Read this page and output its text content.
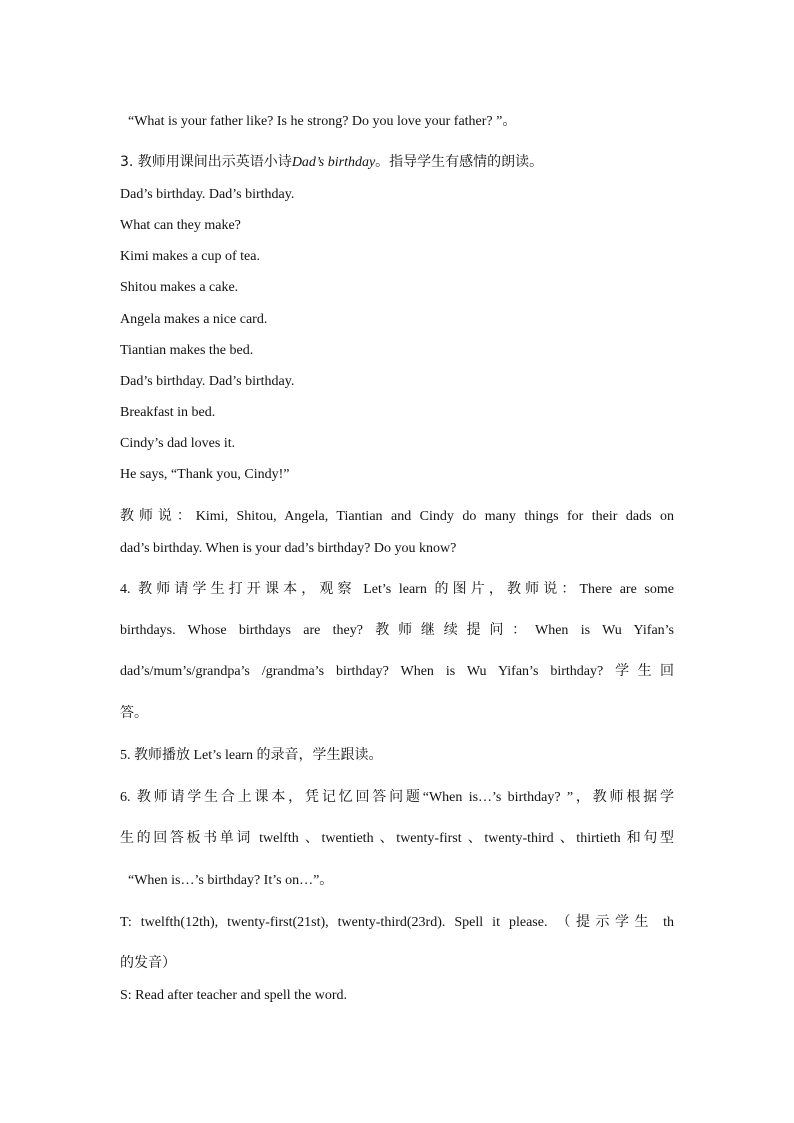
“What is your father like? Is he strong? Do you love your father? ”。
3. 教师用课间出示英语小诗Dad’s birthday。指导学生有感情的朗读。
Dad’s birthday. Dad’s birthday.
What can they make?
Kimi makes a cup of tea.
Shitou makes a cake.
Angela makes a nice card.
Tiantian makes the bed.
Dad’s birthday. Dad’s birthday.
Breakfast in bed.
Cindy’s dad loves it.
He says, “Thank you, Cindy!”
教师说：Kimi, Shitou, Angela, Tiantian and Cindy do many things for their dads on
dad’s birthday. When is your dad’s birthday? Do you know?
4. 教师请学生打开课本，观察 Let’s learn 的图片，教师说：There are some
birthdays. Whose birthdays are they? 教师继续提问：When is Wu Yifan’s
dad’s/mum’s/grandpa’s /grandma’s birthday? When is Wu Yifan’s birthday? 学生回
答。
5. 教师播放 Let’s learn 的录音，学生跟读。
6. 教师请学生合上课本，凭记忆回答问题“When is…’s birthday? ”，教师根据学
生的回答板书单词 twelfth 、twentieth 、twenty-first 、twenty-third 、thirtieth 和句型
“When is…’s birthday? It’s on…”。
T: twelfth(12th), twenty-first(21st), twenty-third(23rd). Spell it please. （提示学生 th
的发音）
S: Read after teacher and spell the word.
